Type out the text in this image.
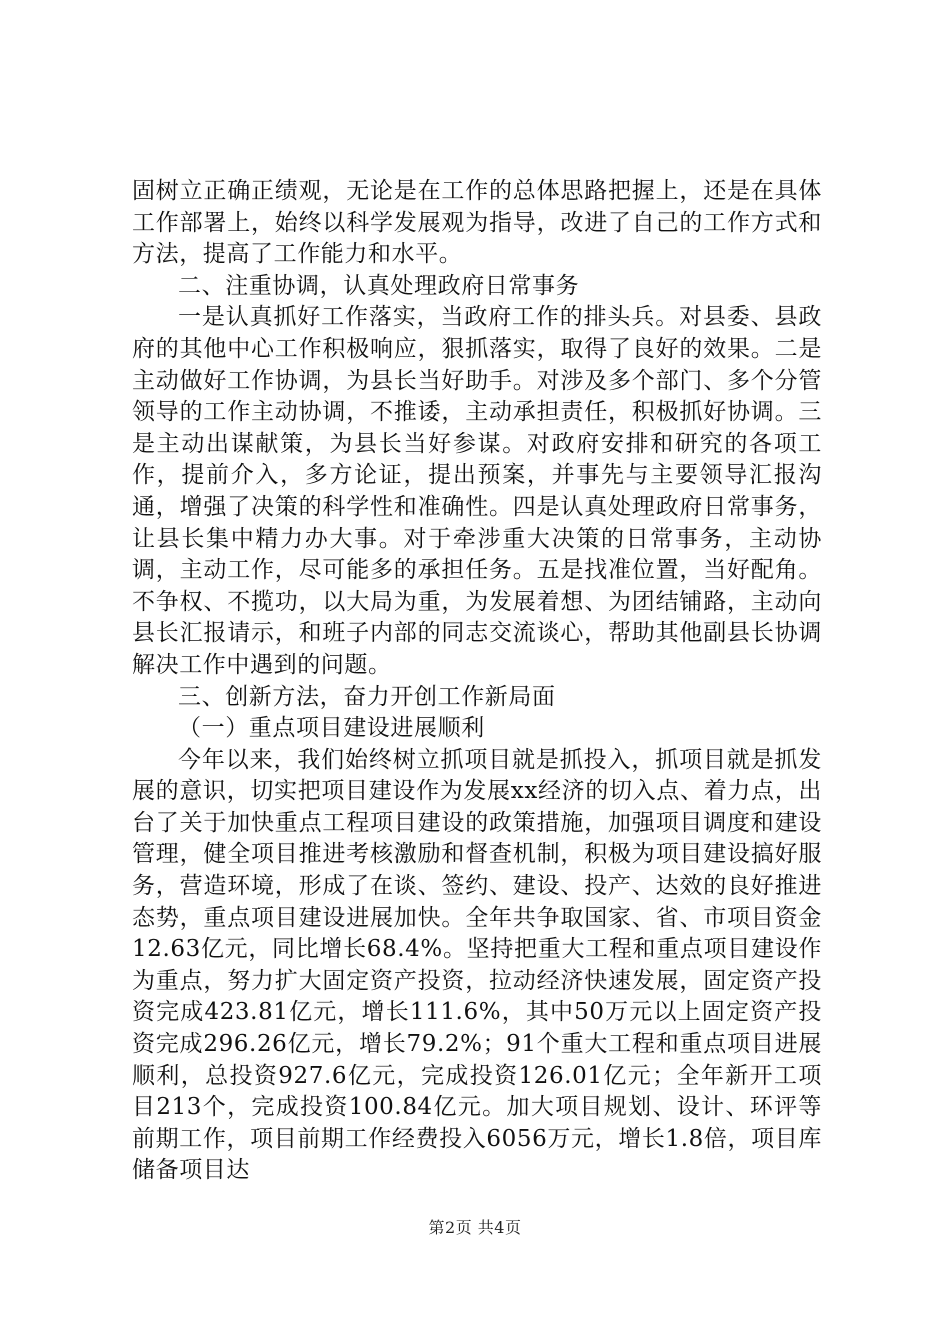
固树立正确正绩观，无论是在工作的总体思路把握上，还是在具体工作部署上，始终以科学发展观为指导，改进了自己的工作方式和方法，提高了工作能力和水平。

二、注重协调，认真处理政府日常事务

一是认真抓好工作落实，当政府工作的排头兵。对县委、县政府的其他中心工作积极响应，狠抓落实，取得了良好的效果。二是主动做好工作协调，为县长当好助手。对涉及多个部门、多个分管领导的工作主动协调，不推诿，主动承担责任，积极抓好协调。三是主动出谋献策，为县长当好参谋。对政府安排和研究的各项工作，提前介入，多方论证，提出预案，并事先与主要领导汇报沟通，增强了决策的科学性和准确性。四是认真处理政府日常事务，让县长集中精力办大事。对于牵涉重大决策的日常事务，主动协调，主动工作，尽可能多的承担任务。五是找准位置，当好配角。不争权、不揽功，以大局为重，为发展着想、为团结铺路，主动向县长汇报请示，和班子内部的同志交流谈心，帮助其他副县长协调解决工作中遇到的问题。

三、创新方法，奋力开创工作新局面

（一）重点项目建设进展顺利

今年以来，我们始终树立抓项目就是抓投入，抓项目就是抓发展的意识，切实把项目建设作为发展xx经济的切入点、着力点，出台了关于加快重点工程项目建设的政策措施，加强项目调度和建设管理，健全项目推进考核激励和督查机制，积极为项目建设搞好服务，营造环境，形成了在谈、签约、建设、投产、达效的良好推进态势，重点项目建设进展加快。全年共争取国家、省、市项目资金12.63亿元，同比增长68.4%。坚持把重大工程和重点项目建设作为重点，努力扩大固定资产投资，拉动经济快速发展，固定资产投资完成423.81亿元，增长111.6%，其中50万元以上固定资产投资完成296.26亿元，增长79.2%；91个重大工程和重点项目进展顺利，总投资927.6亿元，完成投资126.01亿元；全年新开工项目213个，完成投资100.84亿元。加大项目规划、设计、环评等前期工作，项目前期工作经费投入6056万元，增长1.8倍，项目库储备项目达

第2页 共4页
